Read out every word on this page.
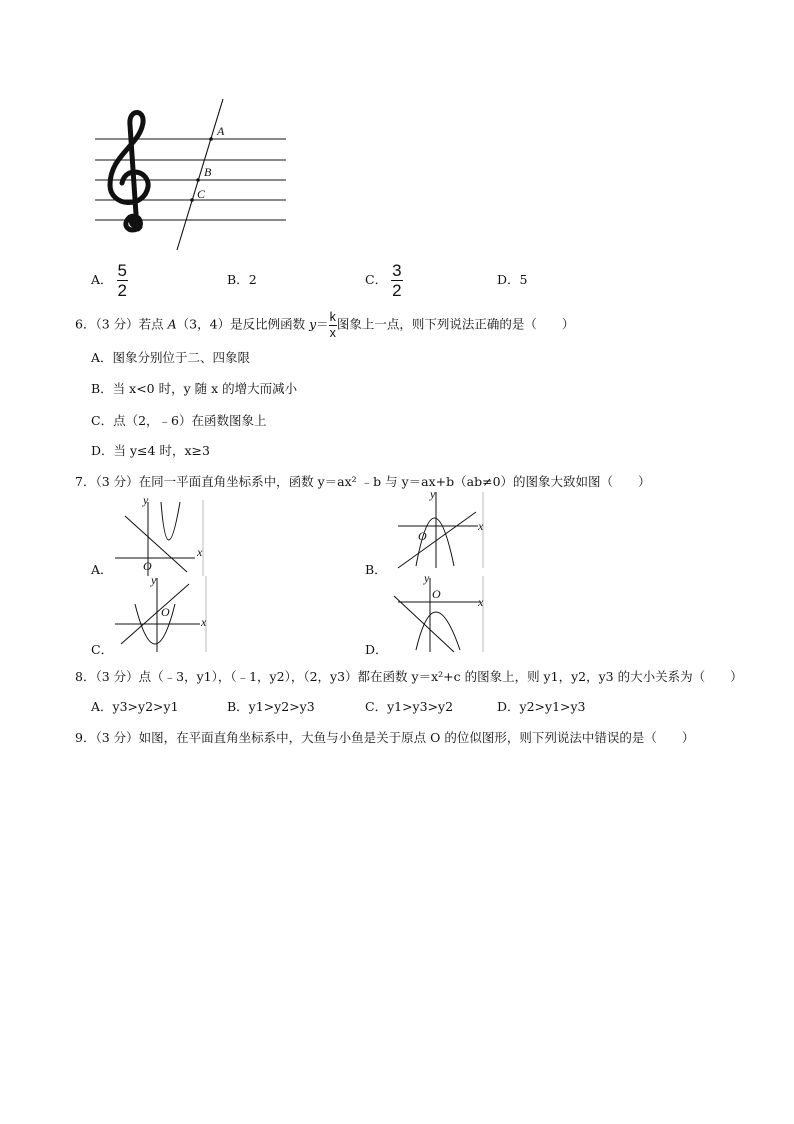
A
B
C
A． $\frac{5}{2}$	B．2	C． $\frac{3}{2}$	D．5
6．（3 分）若点 A（3，4）是反比例函数 $y= \frac{k}{x}$ 图象上一点，则下列说法正确的是（　　）
A．图象分别位于二、四象限
B．当 x<0 时，y 随 x 的增大而减小
C．点（2，﹣6）在函数图象上
D．当 y≤4 时，x≥3
7．（3 分）在同一平面直角坐标系中，函数 y＝ax² ﹣b 与 y＝ax+b（ab≠0）的图象大致如图（　　）
y
x
O
A．
y
x
O
B．
y
x
O
C．
y
x
O
D．
8．（3 分）点（﹣3，y1），（﹣1，y2），（2，y3）都在函数 y＝x²+c 的图象上，则 y1，y2，y3 的大小关系为（　　）
A．y3>y2>y1	B．y1>y2>y3	C．y1>y3>y2	D．y2>y1>y3
9．（3 分）如图，在平面直角坐标系中，大鱼与小鱼是关于原点 O 的位似图形，则下列说法中错误的是（　　）
